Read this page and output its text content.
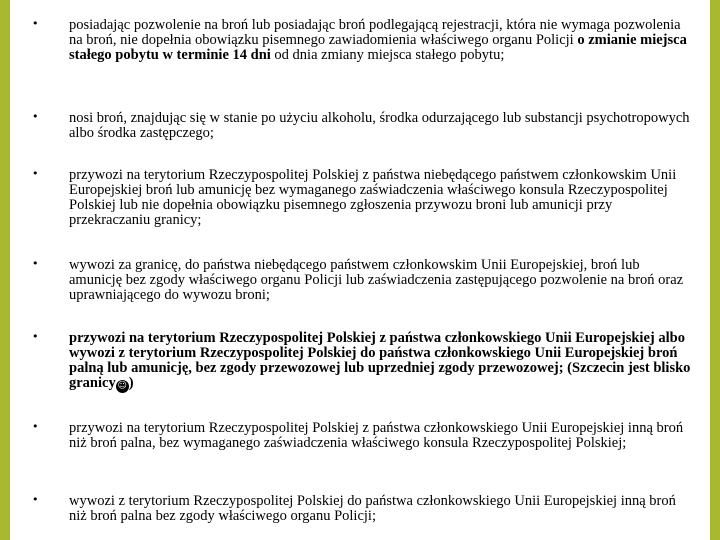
• posiadając pozwolenie na broń lub posiadając broń podlegającą rejestracji, która nie wymaga pozwolenia na broń, nie dopełnia obowiązku pisemnego zawiadomienia właściwego organu Policji o zmianie miejsca stałego pobytu w terminie 14 dni od dnia zmiany miejsca stałego pobytu;
• nosi broń, znajdując się w stanie po użyciu alkoholu, środka odurzającego lub substancji psychotropowych albo środka zastępczego;
• przywozi na terytorium Rzeczypospolitej Polskiej z państwa niebędącego państwem członkowskim Unii Europejskiej broń lub amunicję bez wymaganego zaświadczenia właściwego konsula Rzeczypospolitej Polskiej lub nie dopełnia obowiązku pisemnego zgłoszenia przywozu broni lub amunicji przy przekraczaniu granicy;
• wywozi za granicę, do państwa niebędącego państwem członkowskim Unii Europejskiej, broń lub amunicję bez zgody właściwego organu Policji lub zaświadczenia zastępującego pozwolenie na broń oraz uprawniającego do wywozu broni;
• przywozi na terytorium Rzeczypospolitej Polskiej z państwa członkowskiego Unii Europejskiej albo wywozi z terytorium Rzeczypospolitej Polskiej do państwa członkowskiego Unii Europejskiej broń palną lub amunicję, bez zgody przewozowej lub uprzedniej zgody przewozowej; (Szczecin jest blisko granicy ☺ )
• przywozi na terytorium Rzeczypospolitej Polskiej z państwa członkowskiego Unii Europejskiej inną broń niż broń palna, bez wymaganego zaświadczenia właściwego konsula Rzeczypospolitej Polskiej;
• wywozi z terytorium Rzeczypospolitej Polskiej do państwa członkowskiego Unii Europejskiej inną broń niż broń palna bez zgody właściwego organu Policji;
